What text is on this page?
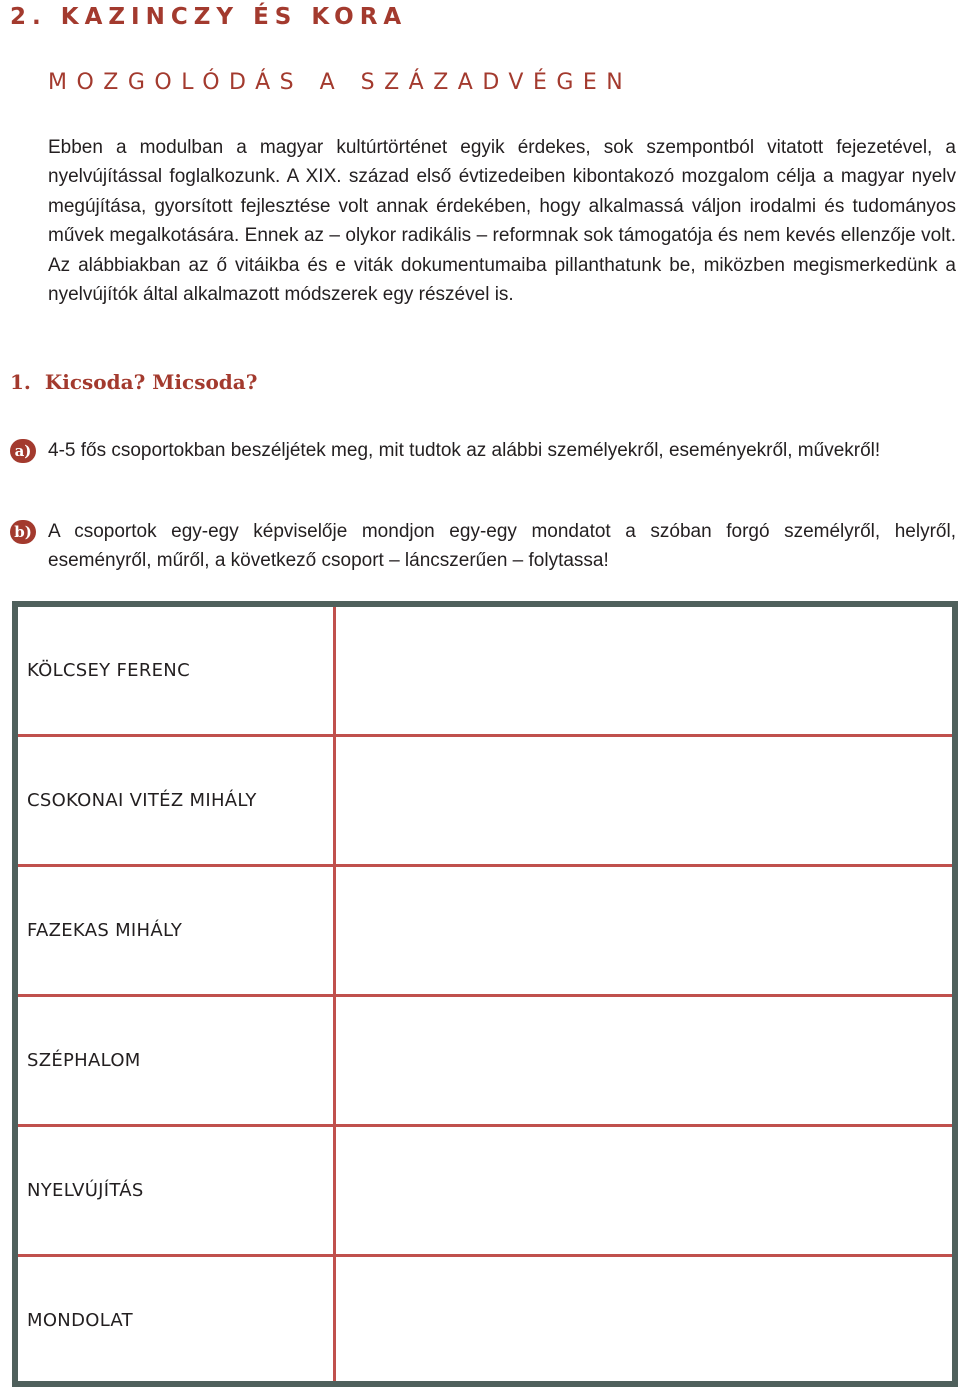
2. KAZINCZY ÉS KORA
MOZGOLÓDÁS A SZÁZADVÉGEN

Ebben a modulban a magyar kultúrtörténet egyik érdekes, sok szempontból vitatott fejezetével, a nyelvújítással foglalkozunk. A XIX. század első évtizedeiben kibontakozó mozgalom célja a magyar nyelv megújítása, gyorsított fejlesztése volt annak érdekében, hogy alkalmassá váljon irodalmi és tudományos művek megalkotására. Ennek az – olykor radikális – reformnak sok támogatója és nem kevés ellenzője volt. Az alábbiakban az ő vitáikba és e viták dokumentumaiba pillanthatunk be, miközben megismerkedünk a nyelvújítók által alkalmazott módszerek egy részével is.

1. Kicsoda? Micsoda?
a) 4-5 fős csoportokban beszéljétek meg, mit tudtok az alábbi személyekről, eseményekről, művekről!

b) A csoportok egy-egy képviselője mondjon egy-egy mondatot a szóban forgó személyről, helyről, eseményről, műről, a következő csoport – láncszerűen – folytassa!

KÖLCSEY FERENC
CSOKONAI VITÉZ MIHÁLY
FAZEKAS MIHÁLY
SZÉPHALOM
NYELVÚJÍTÁS
MONDOLAT
